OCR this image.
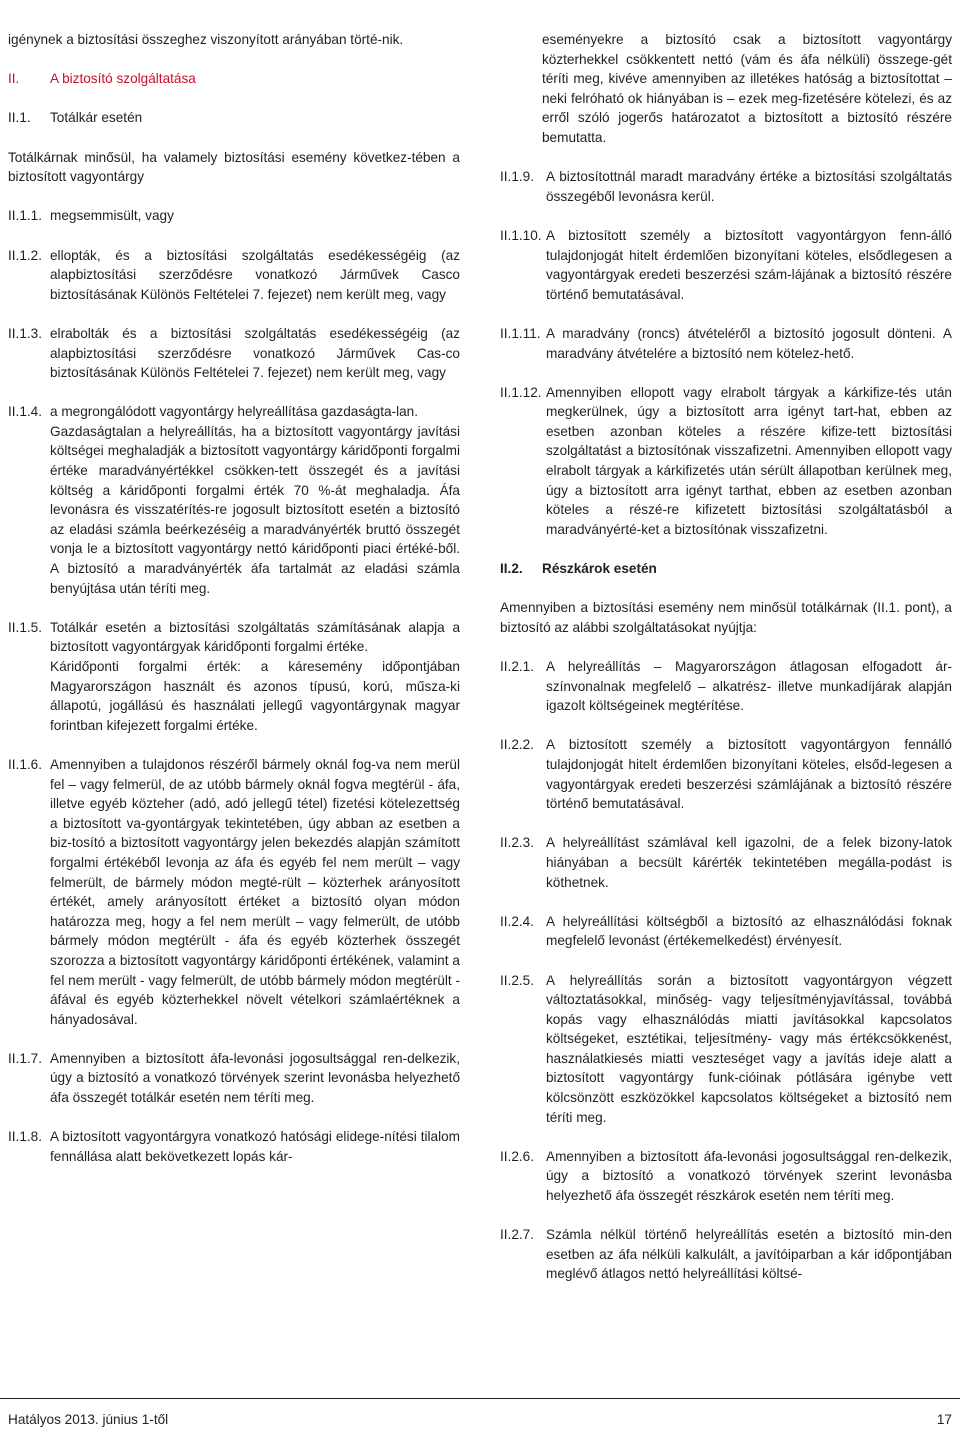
igénynek a biztosítási összeghez viszonyított arányában törté-nik.

II.	A biztosító szolgáltatása
II.1.	Totálkár esetén

Totálkárnak minősül, ha valamely biztosítási esemény következ-tében a biztosított vagyontárgy

II.1.1. megsemmisült, vagy

II.1.2. ellopták, és a biztosítási szolgáltatás esedékességéig (az alapbiztosítási szerződésre vonatkozó Járművek Casco biztosításának Különös Feltételei 7. fejezet) nem került meg, vagy

II.1.3. elrabolták és a biztosítási szolgáltatás esedékességéig (az alapbiztosítási szerződésre vonatkozó Járművek Cas-co biztosításának Különös Feltételei 7. fejezet) nem került meg, vagy

II.1.4. a megrongálódott vagyontárgy helyreállítása gazdaságta-lan.

Gazdaságtalan a helyreállítás, ha a biztosított vagyontárgy javítási költségei meghaladják a biztosított vagyontárgy káridőponti forgalmi értéke maradványértékkel csökken-tett összegét és a javítási költség a káridőponti forgalmi érték 70 %-át meghaladja. Áfa levonásra és visszatérítés-re jogosult biztosított esetén a biztosító az eladási számla beérkezéséig a maradványérték bruttó összegét vonja le a biztosított vagyontárgy nettó káridőponti piaci értéké-ből. A biztosító a maradványérték áfa tartalmát az eladási számla benyújtása után téríti meg.

II.1.5. Totálkár esetén a biztosítási szolgáltatás számításának alapja a biztosított vagyontárgyak káridőponti forgalmi értéke.

Káridőponti forgalmi érték: a káresemény időpontjában Magyarországon használt és azonos típusú, korú, műsza-ki állapotú, jogállású és használati jellegű vagyontárgynak magyar forintban kifejezett forgalmi értéke.

II.1.6. Amennyiben a tulajdonos részéről bármely oknál fog-va nem merül fel – vagy felmerül, de az utóbb bármely oknál fogva megtérül - áfa, illetve egyéb közteher (adó, adó jellegű tétel) fizetési kötelezettség a biztosított va-gyontárgyak tekintetében, úgy abban az esetben a biz-tosító a biztosított vagyontárgy jelen bekezdés alapján számított forgalmi értékéből levonja az áfa és egyéb fel nem merült – vagy felmerült, de bármely módon megté-rült – közterhek arányosított értékét, amely arányosított értéket a biztosító olyan módon határozza meg, hogy a fel nem merült – vagy felmerült, de utóbb bármely módon megtérült - áfa és egyéb közterhek összegét szorozza a biztosított vagyontárgy káridőponti értékének, valamint a fel nem merült - vagy felmerült, de utóbb bármely módon megtérült - áfával és egyéb közterhekkel növelt vételkori számlaértéknek a hányadosával.

II.1.7. Amennyiben a biztosított áfa-levonási jogosultsággal ren-delkezik, úgy a biztosító a vonatkozó törvények szerint levonásba helyezhető áfa összegét totálkár esetén nem téríti meg.

II.1.8. A biztosított vagyontárgyra vonatkozó hatósági elidege-nítési tilalom fennállása alatt bekövetkezett lopás kár-

eseményekre a biztosító csak a biztosított vagyontárgy közterhekkel csökkentett nettó (vám és áfa nélküli) összege-gét téríti meg, kivéve amennyiben az illetékes hatóság a biztosítottat – neki felróható ok hiányában is – ezek meg-fizetésére kötelezi, és az erről szóló jogerős határozatot a biztosított a biztosító részére bemutatta.

II.1.9. A biztosítottnál maradt maradvány értéke a biztosítási szolgáltatás összegéből levonásra kerül.

II.1.10. A biztosított személy a biztosított vagyontárgyon fenn-álló tulajdonjogát hitelt érdemlően bizonyítani köteles, elsődlegesen a vagyontárgyak eredeti beszerzési szám-lájának a biztosító részére történő bemutatásával.

II.1.11. A maradvány (roncs) átvételéről a biztosító jogosult dönteni. A maradvány átvételére a biztosító nem kötelez-hető.

II.1.12. Amennyiben ellopott vagy elrabolt tárgyak a kárkifize-tés után megkerülnek, úgy a biztosított arra igényt tart-hat, ebben az esetben azonban köteles a részére kifize-tett biztosítási szolgáltatást a biztosítónak visszafizetni. Amennyiben ellopott vagy elrabolt tárgyak a kárkifizetés után sérült állapotban kerülnek meg, úgy a biztosított arra igényt tarthat, ebben az esetben azonban köteles a részé-re kifizetett biztosítási szolgáltatásból a maradványérté-ket a biztosítónak visszafizetni.

II.2.	Részkárok esetén

Amennyiben a biztosítási esemény nem minősül totálkárnak (II.1. pont), a biztosító az alábbi szolgáltatásokat nyújtja:

II.2.1. A helyreállítás – Magyarországon átlagosan elfogadott ár-színvonalnak megfelelő – alkatrész- illetve munkadíjárak alapján igazolt költségeinek megtérítése.

II.2.2. A biztosított személy a biztosított vagyontárgyon fennálló tulajdonjogát hitelt érdemlően bizonyítani köteles, elsőd-legesen a vagyontárgyak eredeti beszerzési számlájának a biztosító részére történő bemutatásával.

II.2.3. A helyreállítást számlával kell igazolni, de a felek bizony-latok hiányában a becsült kárérték tekintetében megálla-podást is köthetnek.

II.2.4. A helyreállítási költségből a biztosító az elhasználódási foknak megfelelő levonást (értékemelkedést) érvényesít.

II.2.5. A helyreállítás során a biztosított vagyontárgyon végzett változtatásokkal, minőség- vagy teljesítményjavítással, továbbá kopás vagy elhasználódás miatti javításokkal kapcsolatos költségeket, esztétikai, teljesítmény- vagy más értékcsökkenést, használatkiesés miatti veszteséget vagy a javítás ideje alatt a biztosított vagyontárgy funk-cióinak pótlására igénybe vett kölcsönzött eszközökkel kapcsolatos költségeket a biztosító nem téríti meg.

II.2.6. Amennyiben a biztosított áfa-levonási jogosultsággal ren-delkezik, úgy a biztosító a vonatkozó törvények szerint levonásba helyezhető áfa összegét részkárok esetén nem téríti meg.

II.2.7. Számla nélkül történő helyreállítás esetén a biztosító min-den esetben az áfa nélküli kalkulált, a javítóiparban a kár időpontjában meglévő átlagos nettó helyreállítási költsé-

Hatályos 2013. június 1-től	17
